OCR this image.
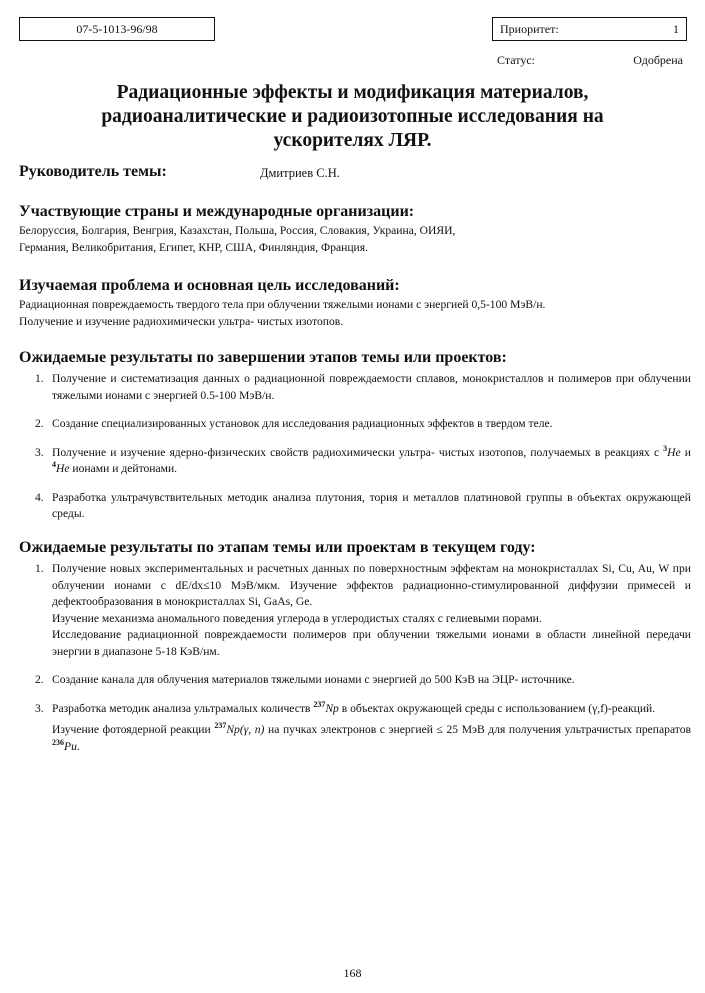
07-5-1013-96/98	Приоритет:	1
Статус:	Одобрена
Радиационные эффекты и модификация материалов,
радиоаналитические и радиоизотопные исследования на
ускорителях ЛЯР.
Руководитель темы:	Дмитриев С.Н.
Участвующие страны и международные организации:
Белоруссия, Болгария, Венгрия, Казахстан, Польша, Россия, Словакия, Украина, ОИЯИ,
Германия, Великобритания, Египет, КНР, США, Финляндия, Франция.
Изучаемая проблема и основная цель исследований:
Радиационная повреждаемость твердого тела при облучении тяжелыми ионами с энергией 0,5-100 МэВ/н.
Получение и изучение радиохимически ультра- чистых изотопов.
Ожидаемые результаты по завершении этапов темы или проектов:
1. Получение и систематизация данных о радиационной повреждаемости сплавов, монокристаллов и полимеров при облучении тяжелыми ионами с энергией 0.5-100 МэВ/н.
2. Создание специализированных установок для исследования радиационных эффектов в твердом теле.
3. Получение и изучение ядерно-физических свойств радиохимически ультра- чистых изотопов, получаемых в реакциях с $^3$He и $^4$He ионами и дейтонами.
4. Разработка ультрачувствительных методик анализа плутония, тория и металлов платиновой группы в объектах окружающей среды.
Ожидаемые результаты по этапам темы или проектам в текущем году:
1. Получение новых экспериментальных и расчетных данных по поверхностным эффектам на монокристаллах Si, Cu, Au, W при облучении ионами с dE/dx≤10 МэВ/мкм. Изучение эффектов радиационно-стимулированной диффузии примесей и дефектообразования в монокристаллах Si, GaAs, Ge.
Изучение механизма аномального поведения углерода в углеродистых сталях с гелиевыми порами.
Исследование радиационной повреждаемости полимеров при облучении тяжелыми ионами в области линейной передачи энергии в диапазоне 5-18 КэВ/нм.
2. Создание канала для облучения материалов тяжелыми ионами с энергией до 500 КэВ на ЭЦР- источнике.
3. Разработка методик анализа ультрамалых количеств $^{237}$Np в объектах окружающей среды с использованием (γ,f)-реакций.
Изучение фотоядерной реакции $^{237}$Np(γ, n) на пучках электронов с энергией ≤ 25 МэВ для получения ультрачистых препаратов $^{236}$Pu.
168
